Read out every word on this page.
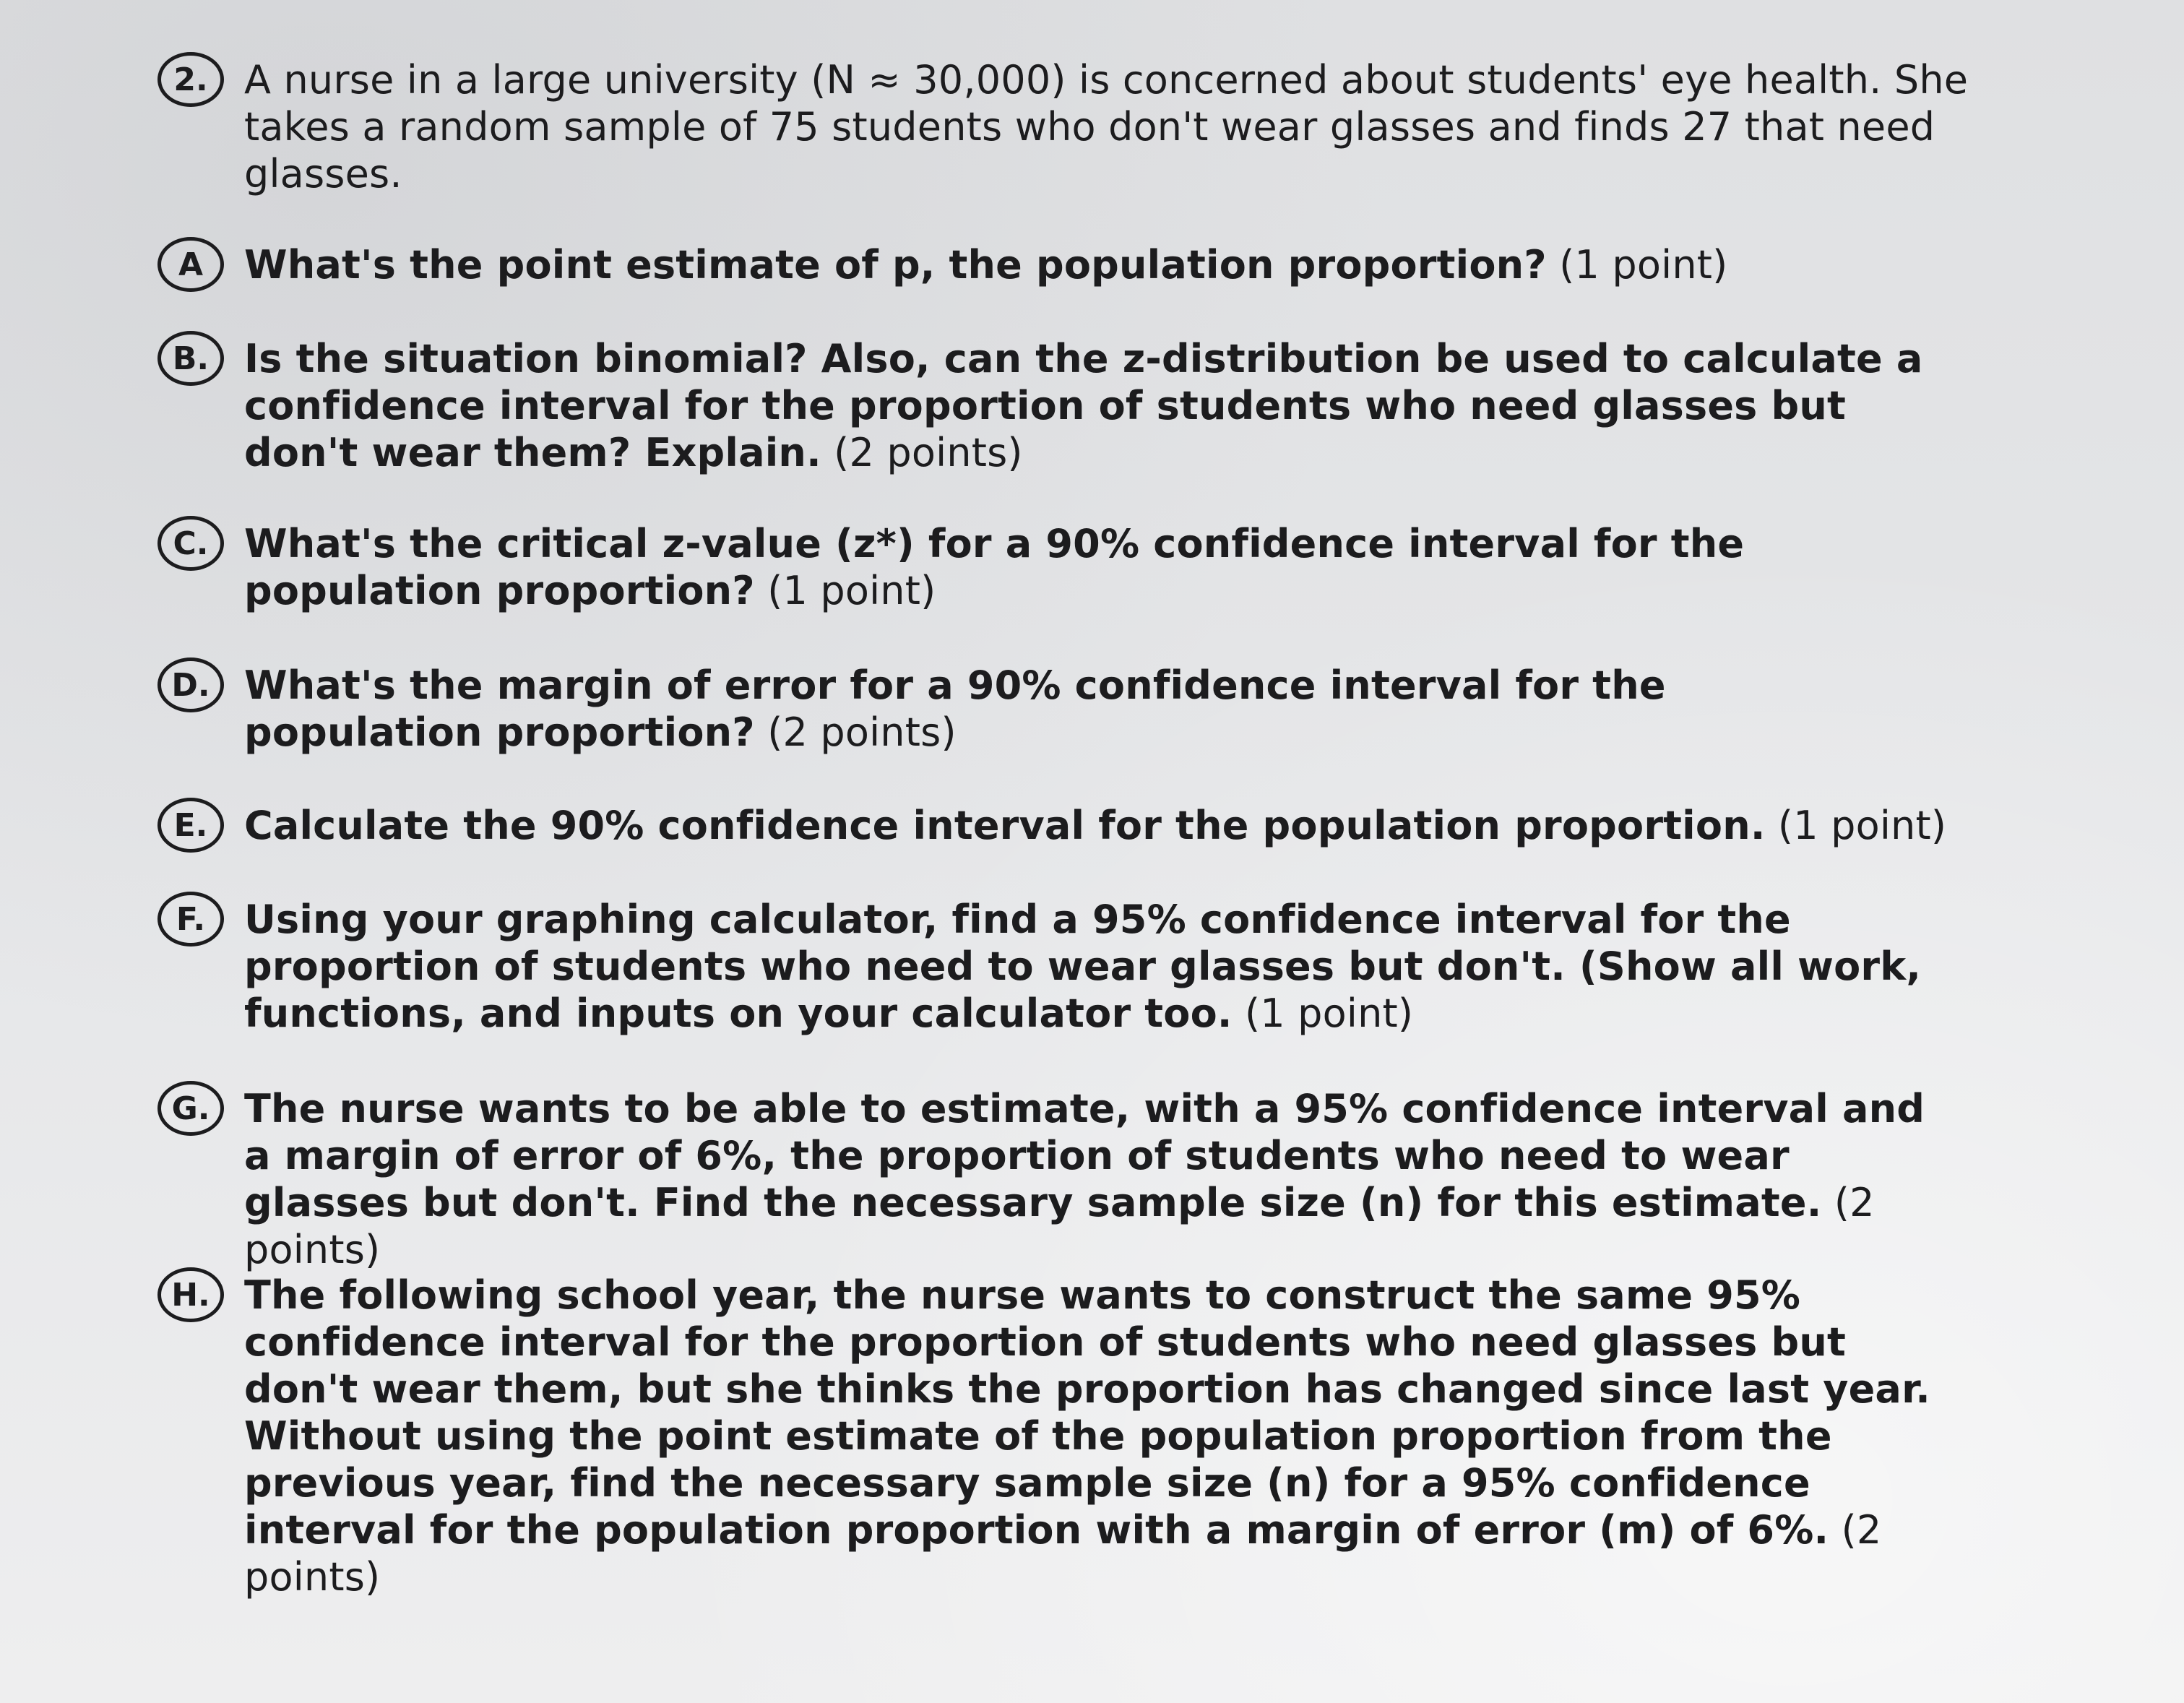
2. A nurse in a large university (N ≈ 30,000) is concerned about students' eye health. She
takes a random sample of 75 students who don't wear glasses and finds 27 that need
glasses.
A	What's the point estimate of p, the population proportion? (1 point)
B. Is the situation binomial? Also, can the z-distribution be used to calculate a confidence interval for the proportion of students who need glasses but don't wear them? Explain. (2 points)
C. What's the critical z-value (z*) for a 90% confidence interval for the population proportion? (1 point)
D. What's the margin of error for a 90% confidence interval for the population proportion? (2 points)
E. Calculate the 90% confidence interval for the population proportion. (1 point)
F. Using your graphing calculator, find a 95% confidence interval for the proportion of students who need to wear glasses but don't. (Show all work, functions, and inputs on your calculator too. (1 point)
G. The nurse wants to be able to estimate, with a 95% confidence interval and a margin of error of 6%, the proportion of students who need to wear glasses but don't. Find the necessary sample size (n) for this estimate. (2 points)
H. The following school year, the nurse wants to construct the same 95% confidence interval for the proportion of students who need glasses but don't wear them, but she thinks the proportion has changed since last year. Without using the point estimate of the population proportion from the previous year, find the necessary sample size (n) for a 95% confidence interval for the population proportion with a margin of error (m) of 6%. (2 points)
